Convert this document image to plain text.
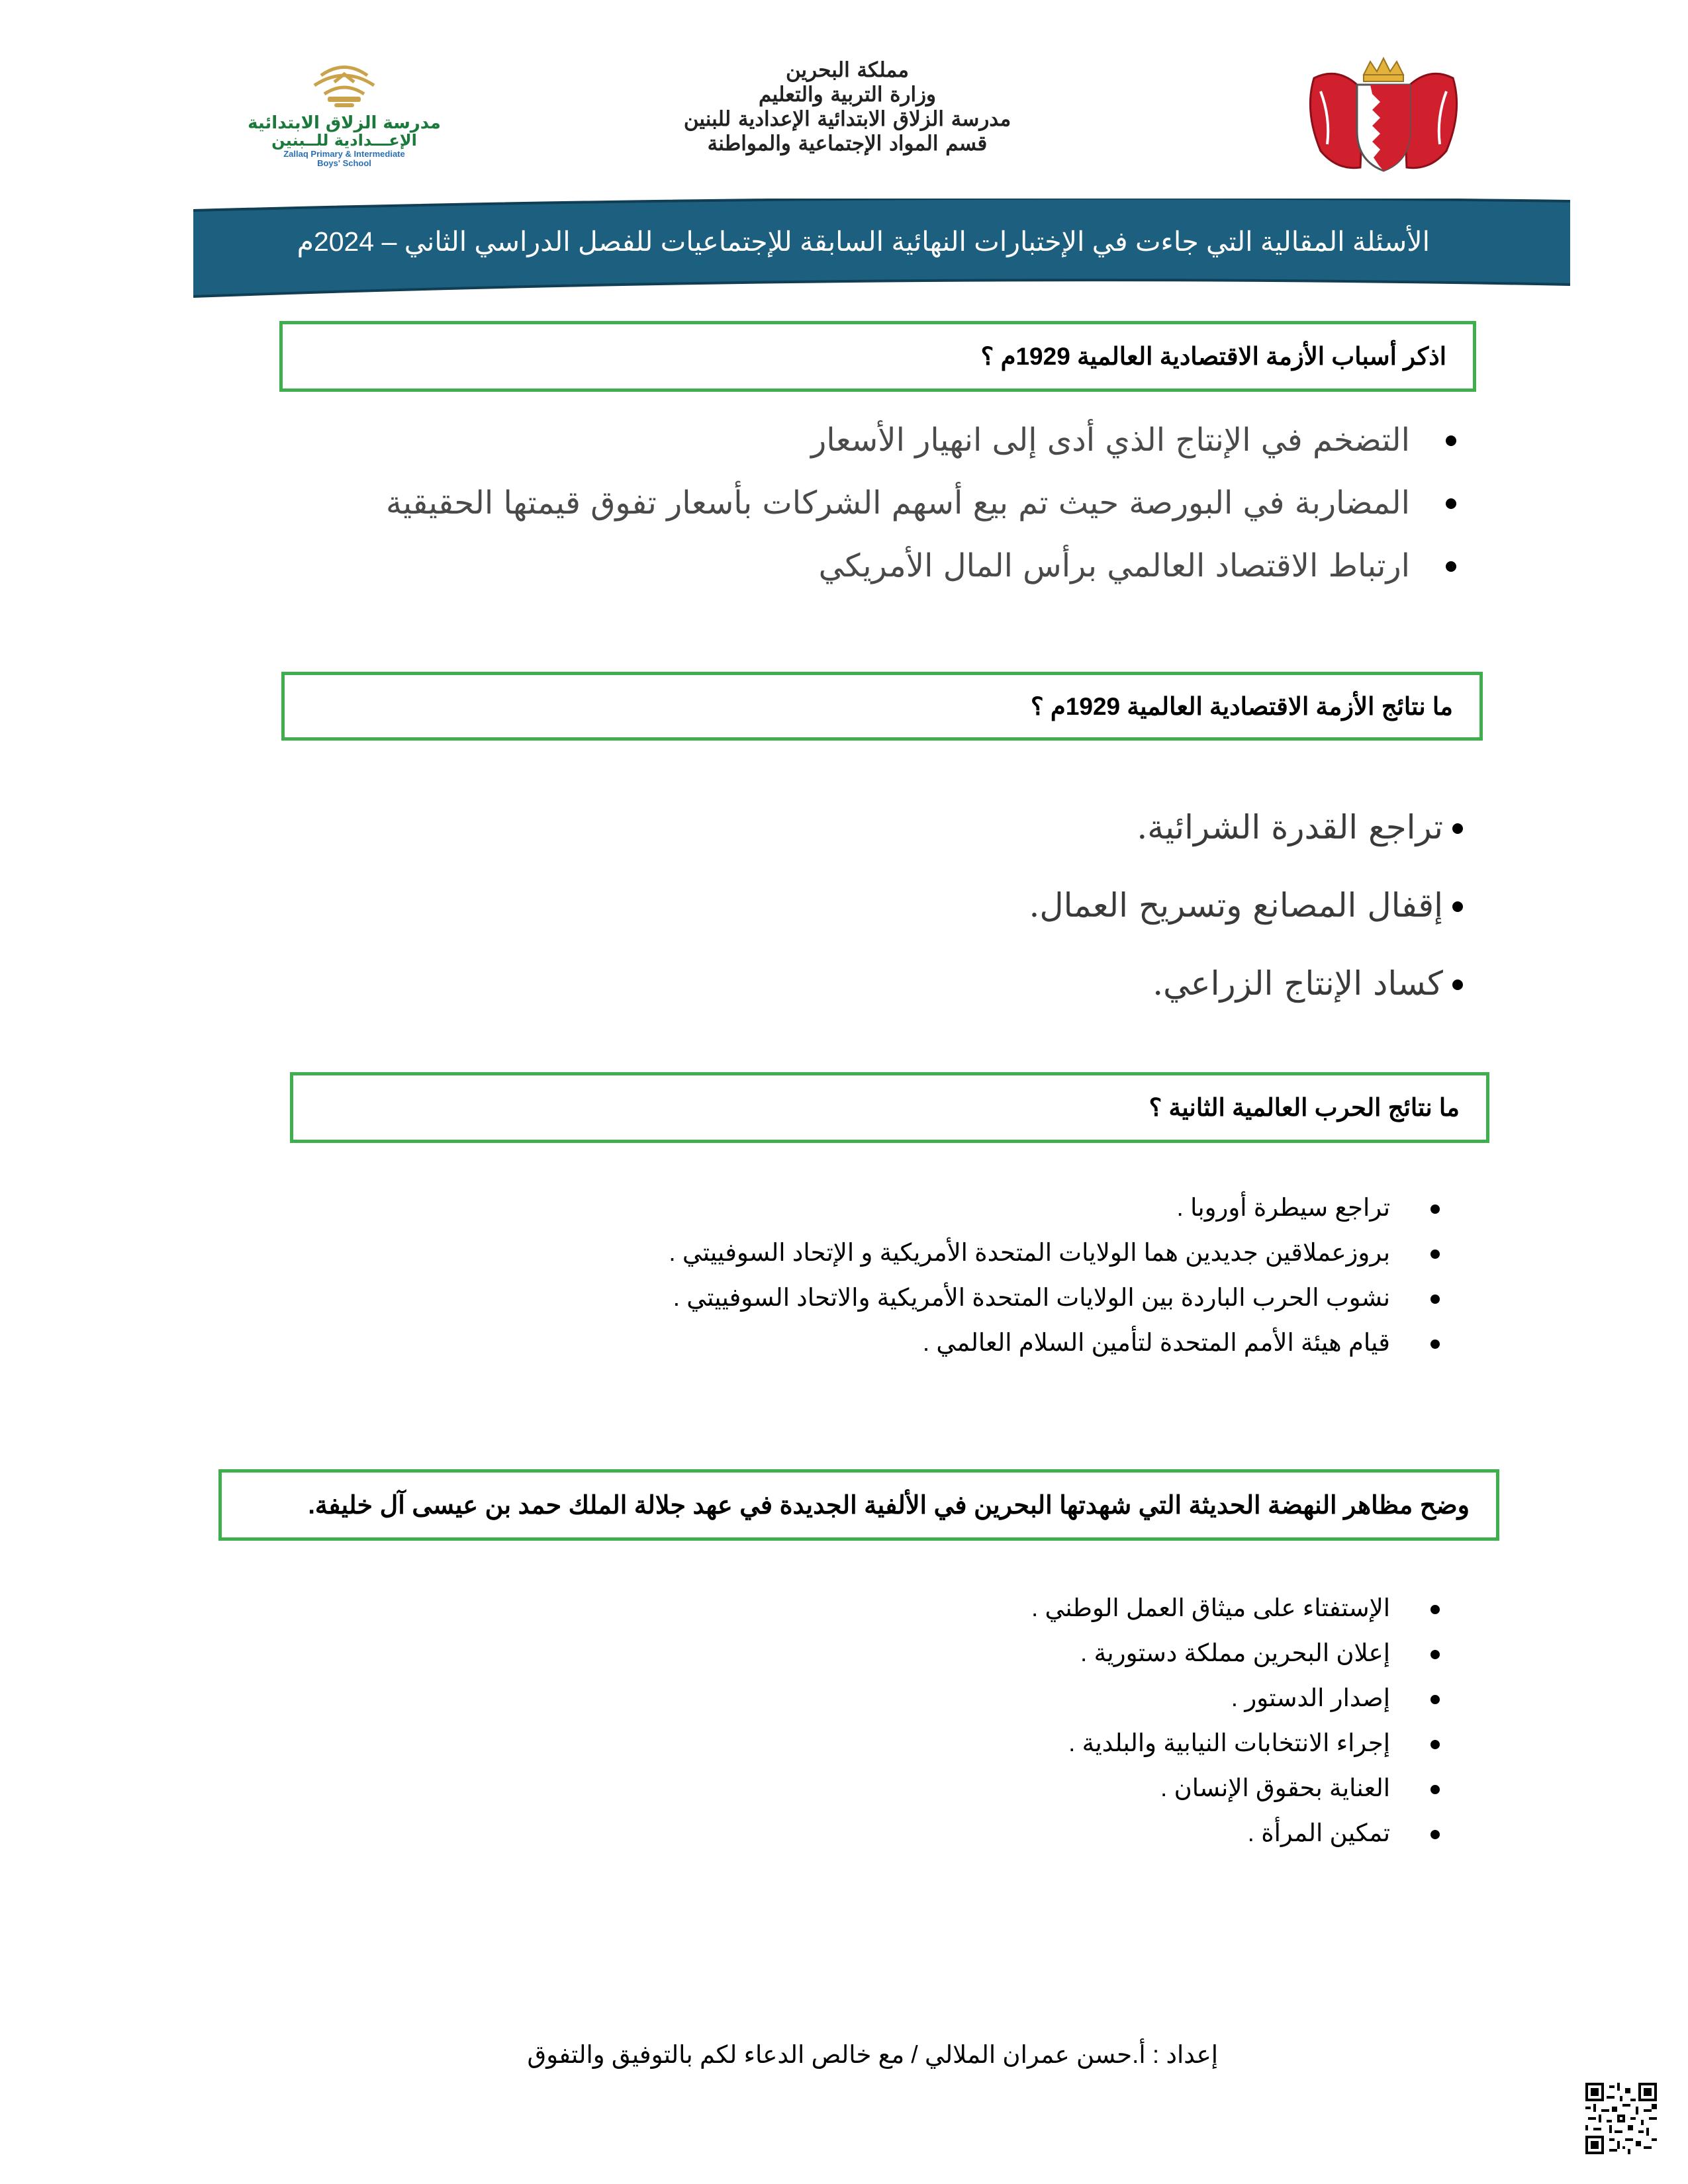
مدرسة الزلاق الابتدائية
الإعـــدادية للــبنين
Zallaq Primary & Intermediate
Boys' School
مملكة البحرين
وزارة التربية والتعليم
مدرسة الزلاق الابتدائية الإعدادية للبنين
قسم المواد الإجتماعية والمواطنة
الأسئلة المقالية التي جاءت في الإختبارات النهائية السابقة للإجتماعيات للفصل الدراسي الثاني – 2024م
اذكر أسباب الأزمة الاقتصادية العالمية 1929م ؟
التضخم في الإنتاج الذي أدى إلى انهيار الأسعار
المضاربة في البورصة حيث تم بيع أسهم الشركات بأسعار تفوق قيمتها الحقيقية
ارتباط الاقتصاد العالمي برأس المال الأمريكي
ما نتائج الأزمة الاقتصادية العالمية 1929م ؟
تراجع القدرة الشرائية.
إقفال المصانع وتسريح العمال.
كساد الإنتاج الزراعي.
ما نتائج الحرب العالمية الثانية ؟
تراجع سيطرة أوروبا .
بروزعملاقين جديدين هما الولايات المتحدة الأمريكية و الإتحاد السوفييتي .
نشوب الحرب الباردة بين الولايات المتحدة الأمريكية والاتحاد السوفييتي .
قيام هيئة الأمم المتحدة لتأمين السلام العالمي .
وضح مظاهر النهضة الحديثة التي شهدتها البحرين في الألفية الجديدة في عهد جلالة الملك حمد بن عيسى آل خليفة.
الإستفتاء على ميثاق العمل الوطني .
إعلان البحرين مملكة دستورية .
إصدار الدستور .
إجراء الانتخابات النيابية والبلدية .
العناية بحقوق الإنسان .
تمكين المرأة .
إعداد : أ.حسن عمران الملالي / مع خالص الدعاء لكم بالتوفيق والتفوق
